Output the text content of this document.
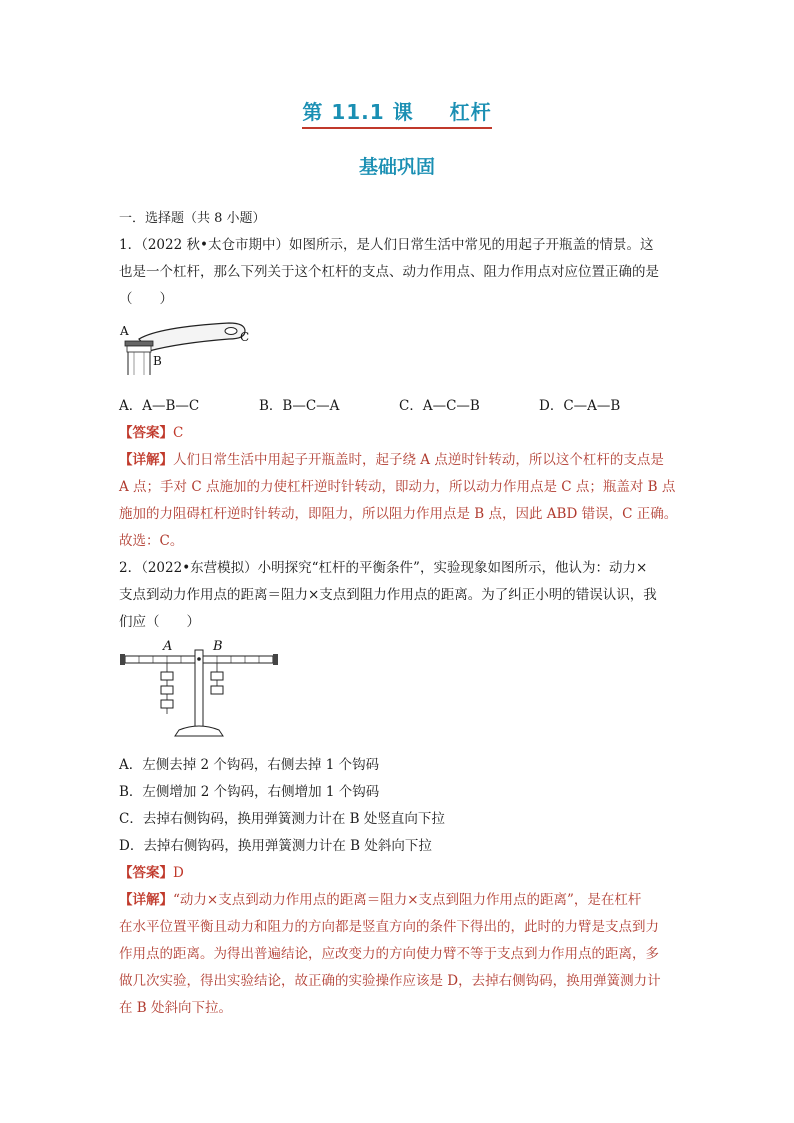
第 11.1 课 杠杆
基础巩固
一．选择题（共 8 小题）
1．（2022 秋•太仓市期中）如图所示，是人们日常生活中常见的用起子开瓶盖的情景。这
也是一个杠杆，那么下列关于这个杠杆的支点、动力作用点、阻力作用点对应位置正确的是
（　　）
A
B
C
A．A—B—C	B．B—C—A	C．A—C—B	D．C—A—B
【答案】C
【详解】人们日常生活中用起子开瓶盖时，起子绕 A 点逆时针转动，所以这个杠杆的支点是
A 点；手对 C 点施加的力使杠杆逆时针转动，即动力，所以动力作用点是 C 点；瓶盖对 B 点
施加的力阻碍杠杆逆时针转动，即阻力，所以阻力作用点是 B 点，因此 ABD 错误，C 正确。
故选：C。
2．（2022•东营模拟）小明探究“杠杆的平衡条件”，实验现象如图所示，他认为：动力×
支点到动力作用点的距离＝阻力×支点到阻力作用点的距离。为了纠正小明的错误认识，我
们应（　　）
A	B
A．左侧去掉 2 个钩码，右侧去掉 1 个钩码
B．左侧增加 2 个钩码，右侧增加 1 个钩码
C．去掉右侧钩码，换用弹簧测力计在 B 处竖直向下拉
D．去掉右侧钩码，换用弹簧测力计在 B 处斜向下拉
【答案】D
【详解】“动力×支点到动力作用点的距离＝阻力×支点到阻力作用点的距离”，是在杠杆
在水平位置平衡且动力和阻力的方向都是竖直方向的条件下得出的，此时的力臂是支点到力
作用点的距离。为得出普遍结论，应改变力的方向使力臂不等于支点到力作用点的距离，多
做几次实验，得出实验结论，故正确的实验操作应该是 D，去掉右侧钩码，换用弹簧测力计
在 B 处斜向下拉。
